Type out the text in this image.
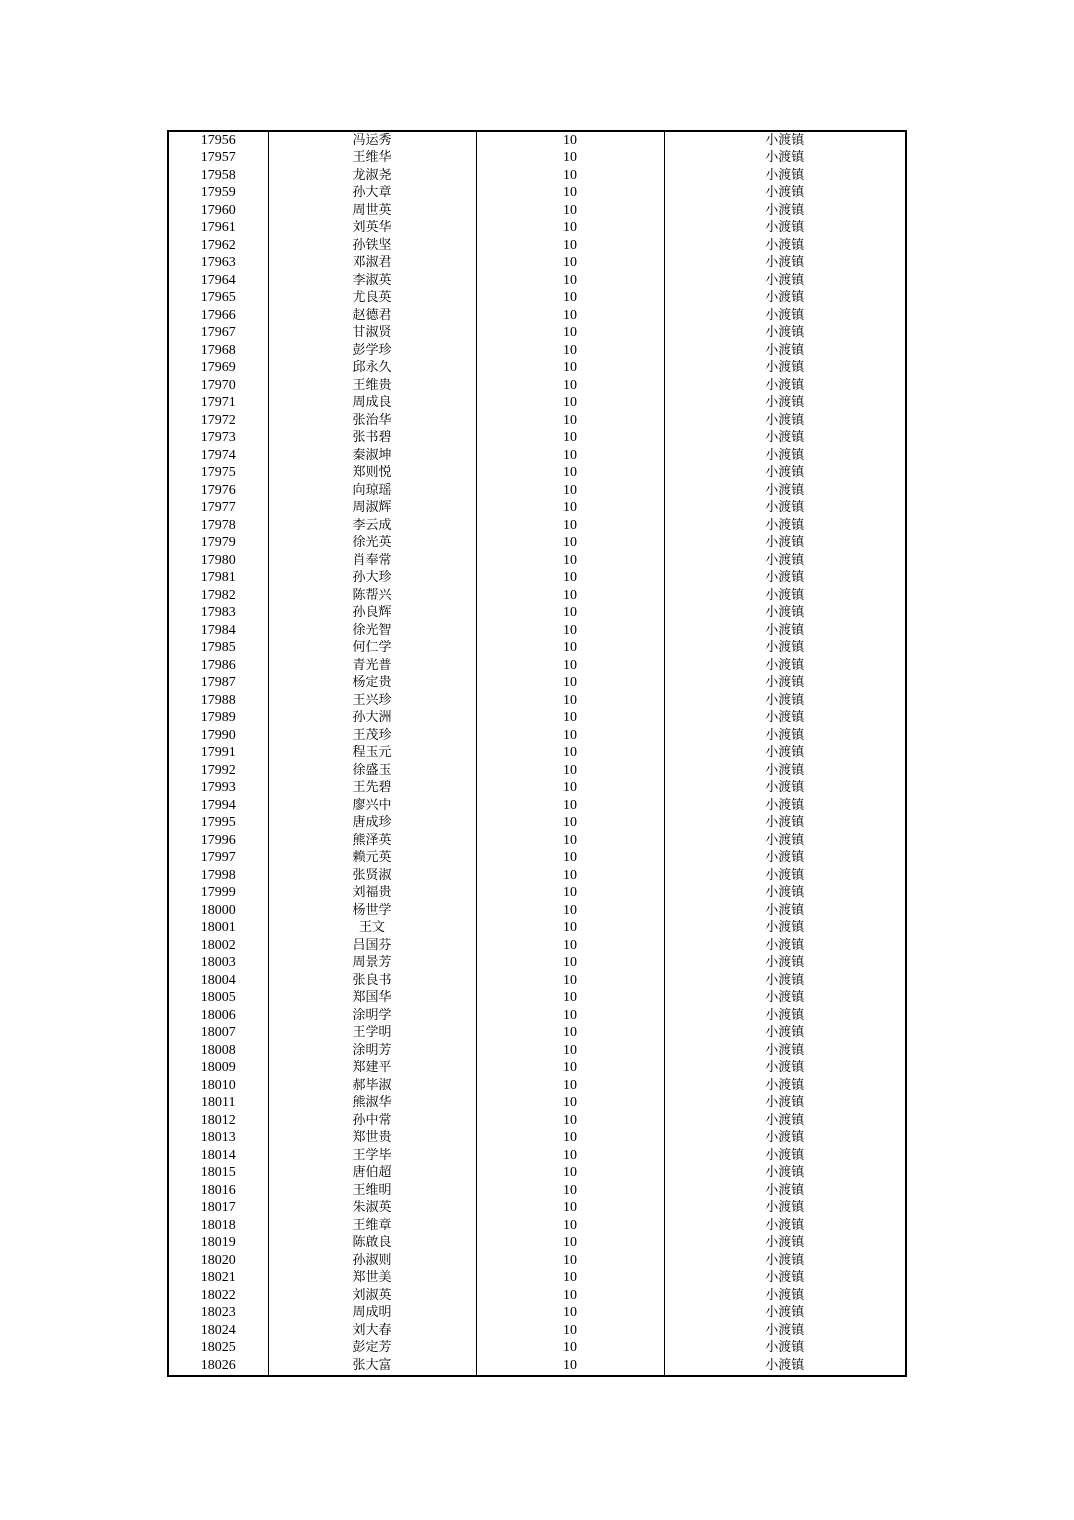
17956	冯运秀	10	小渡镇
17957	王维华	10	小渡镇
17958	龙淑尧	10	小渡镇
17959	孙大章	10	小渡镇
17960	周世英	10	小渡镇
17961	刘英华	10	小渡镇
17962	孙铁坚	10	小渡镇
17963	邓淑君	10	小渡镇
17964	李淑英	10	小渡镇
17965	尤良英	10	小渡镇
17966	赵德君	10	小渡镇
17967	甘淑贤	10	小渡镇
17968	彭学珍	10	小渡镇
17969	邱永久	10	小渡镇
17970	王维贵	10	小渡镇
17971	周成良	10	小渡镇
17972	张治华	10	小渡镇
17973	张书碧	10	小渡镇
17974	秦淑坤	10	小渡镇
17975	郑则悦	10	小渡镇
17976	向琼瑶	10	小渡镇
17977	周淑辉	10	小渡镇
17978	李云成	10	小渡镇
17979	徐光英	10	小渡镇
17980	肖奉常	10	小渡镇
17981	孙大珍	10	小渡镇
17982	陈帮兴	10	小渡镇
17983	孙良辉	10	小渡镇
17984	徐光智	10	小渡镇
17985	何仁学	10	小渡镇
17986	青光普	10	小渡镇
17987	杨定贵	10	小渡镇
17988	王兴珍	10	小渡镇
17989	孙大洲	10	小渡镇
17990	王茂珍	10	小渡镇
17991	程玉元	10	小渡镇
17992	徐盛玉	10	小渡镇
17993	王先碧	10	小渡镇
17994	廖兴中	10	小渡镇
17995	唐成珍	10	小渡镇
17996	熊泽英	10	小渡镇
17997	赖元英	10	小渡镇
17998	张贤淑	10	小渡镇
17999	刘福贵	10	小渡镇
18000	杨世学	10	小渡镇
18001	王文	10	小渡镇
18002	吕国芬	10	小渡镇
18003	周景芳	10	小渡镇
18004	张良书	10	小渡镇
18005	郑国华	10	小渡镇
18006	涂明学	10	小渡镇
18007	王学明	10	小渡镇
18008	涂明芳	10	小渡镇
18009	郑建平	10	小渡镇
18010	郝毕淑	10	小渡镇
18011	熊淑华	10	小渡镇
18012	孙中常	10	小渡镇
18013	郑世贵	10	小渡镇
18014	王学毕	10	小渡镇
18015	唐伯超	10	小渡镇
18016	王维明	10	小渡镇
18017	朱淑英	10	小渡镇
18018	王维章	10	小渡镇
18019	陈啟良	10	小渡镇
18020	孙淑则	10	小渡镇
18021	郑世美	10	小渡镇
18022	刘淑英	10	小渡镇
18023	周成明	10	小渡镇
18024	刘大春	10	小渡镇
18025	彭定芳	10	小渡镇
18026	张大富	10	小渡镇
